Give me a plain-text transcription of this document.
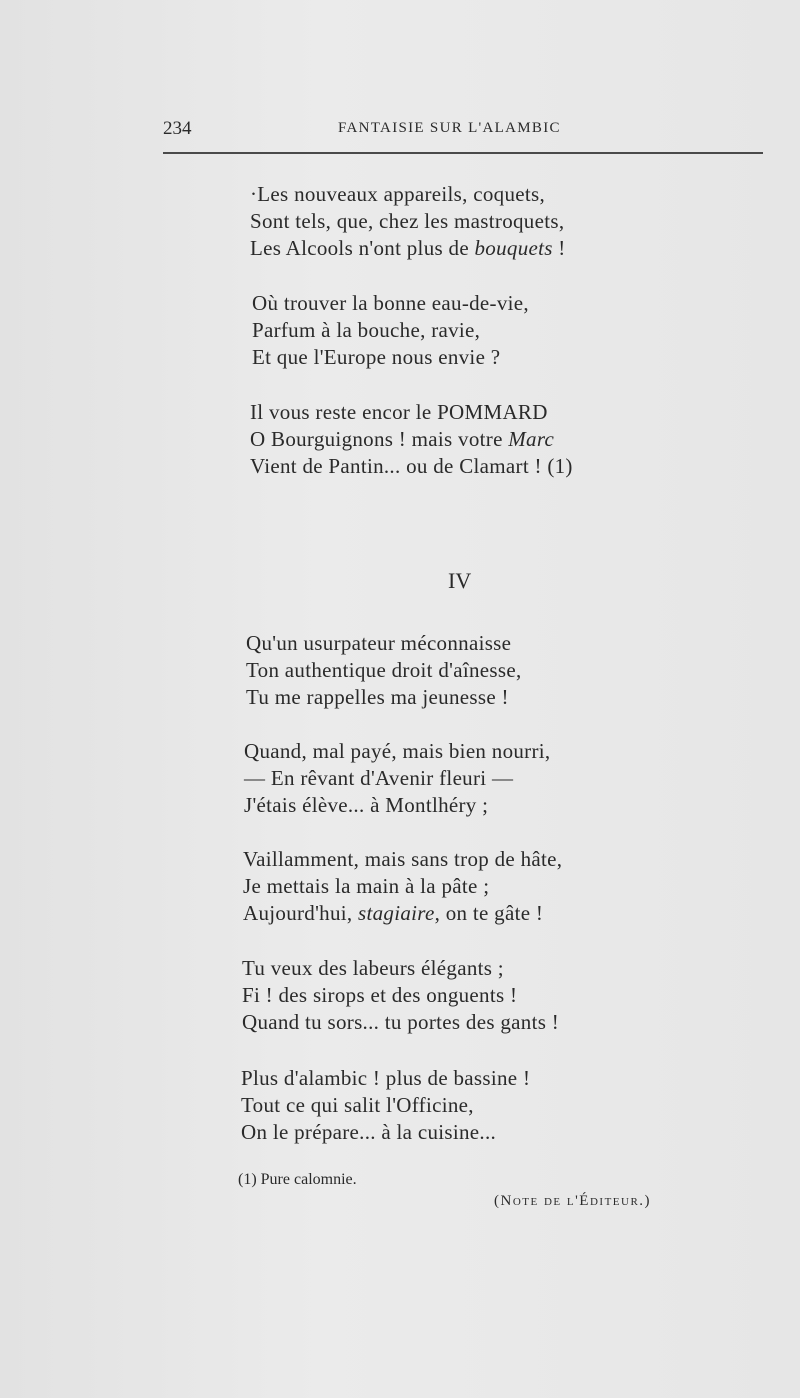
234	FANTAISIE SUR L'ALAMBIC
·Les nouveaux appareils, coquets,
Sont tels, que, chez les mastroquets,
Les Alcools n'ont plus de bouquets !
Où trouver la bonne eau-de-vie,
Parfum à la bouche, ravie,
Et que l'Europe nous envie ?
Il vous reste encor le POMMARD
O Bourguignons ! mais votre Marc
Vient de Pantin... ou de Clamart ! (1)
IV
Qu'un usurpateur méconnaisse
Ton authentique droit d'aînesse,
Tu me rappelles ma jeunesse !
Quand, mal payé, mais bien nourri,
— En rêvant d'Avenir fleuri —
J'étais élève... à Montlhéry ;
Vaillamment, mais sans trop de hâte,
Je mettais la main à la pâte ;
Aujourd'hui, stagiaire, on te gâte !
Tu veux des labeurs élégants ;
Fi ! des sirops et des onguents !
Quand tu sors... tu portes des gants !
Plus d'alambic ! plus de bassine !
Tout ce qui salit l'Officine,
On le prépare... à la cuisine...
(1) Pure calomnie.
(Note de l'Éditeur.)
